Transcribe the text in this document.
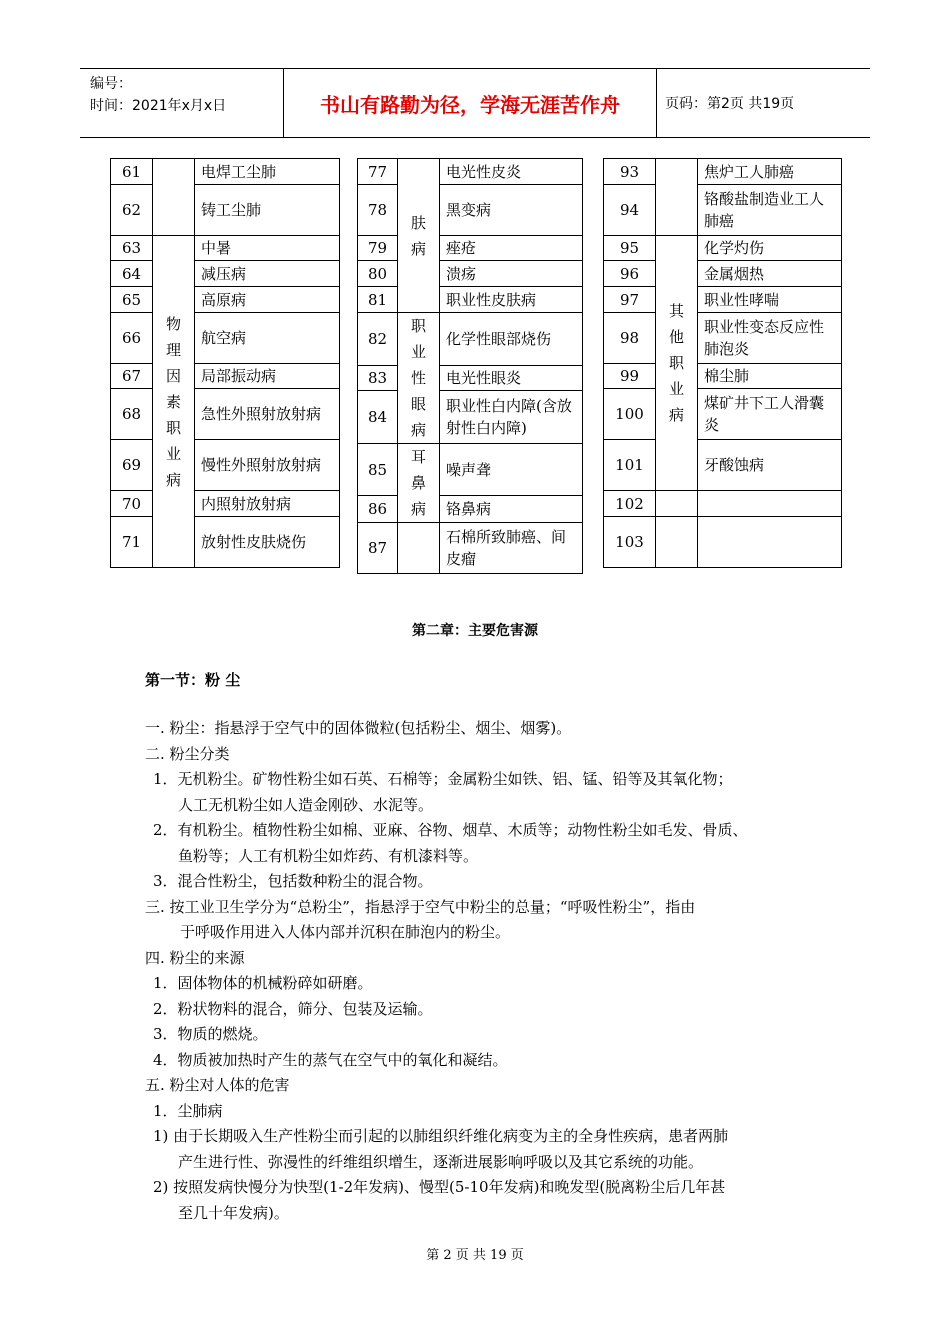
编号：
时间：2021年x月x日	书山有路勤为径，学海无涯苦作舟	页码：第2页 共19页
61		电焊工尘肺
62		铸工尘肺
63	物理因素职业病	中暑
64		减压病
65		高原病
66		航空病
67		局部振动病
68		急性外照射放射病
69		慢性外照射放射病
70		内照射放射病
71		放射性皮肤烧伤
77	肤病	电光性皮炎
78		黑变病
79		痤疮
80		溃疡
81		职业性皮肤病
82	职业性眼病	化学性眼部烧伤
83		电光性眼炎
84		职业性白内障(含放射性白内障)
85	耳鼻病	噪声聋
86		铬鼻病
87		石棉所致肺癌、间皮瘤
93		焦炉工人肺癌
94		铬酸盐制造业工人肺癌
95	其他职业病	化学灼伤
96		金属烟热
97		职业性哮喘
98		职业性变态反应性肺泡炎
99		棉尘肺
100		煤矿井下工人滑囊炎
101		牙酸蚀病
102		
103		
第二章：主要危害源
第一节：粉 尘
一. 粉尘：指悬浮于空气中的固体微粒(包括粉尘、烟尘、烟雾)。
二. 粉尘分类
1．无机粉尘。矿物性粉尘如石英、石棉等；金属粉尘如铁、铝、锰、铅等及其氧化物；
人工无机粉尘如人造金刚砂、水泥等。
2．有机粉尘。植物性粉尘如棉、亚麻、谷物、烟草、木质等；动物性粉尘如毛发、骨质、
鱼粉等；人工有机粉尘如炸药、有机漆料等。
3．混合性粉尘，包括数种粉尘的混合物。
三. 按工业卫生学分为“总粉尘”，指悬浮于空气中粉尘的总量；“呼吸性粉尘”，指由
于呼吸作用进入人体内部并沉积在肺泡内的粉尘。
四. 粉尘的来源
1．固体物体的机械粉碎如研磨。
2．粉状物料的混合，筛分、包装及运输。
3．物质的燃烧。
4．物质被加热时产生的蒸气在空气中的氧化和凝结。
五. 粉尘对人体的危害
1．尘肺病
1) 由于长期吸入生产性粉尘而引起的以肺组织纤维化病变为主的全身性疾病，患者两肺
产生进行性、弥漫性的纤维组织增生，逐渐进展影响呼吸以及其它系统的功能。
2) 按照发病快慢分为快型(1-2年发病)、慢型(5-10年发病)和晚发型(脱离粉尘后几年甚
至几十年发病)。
第 2 页 共 19 页
